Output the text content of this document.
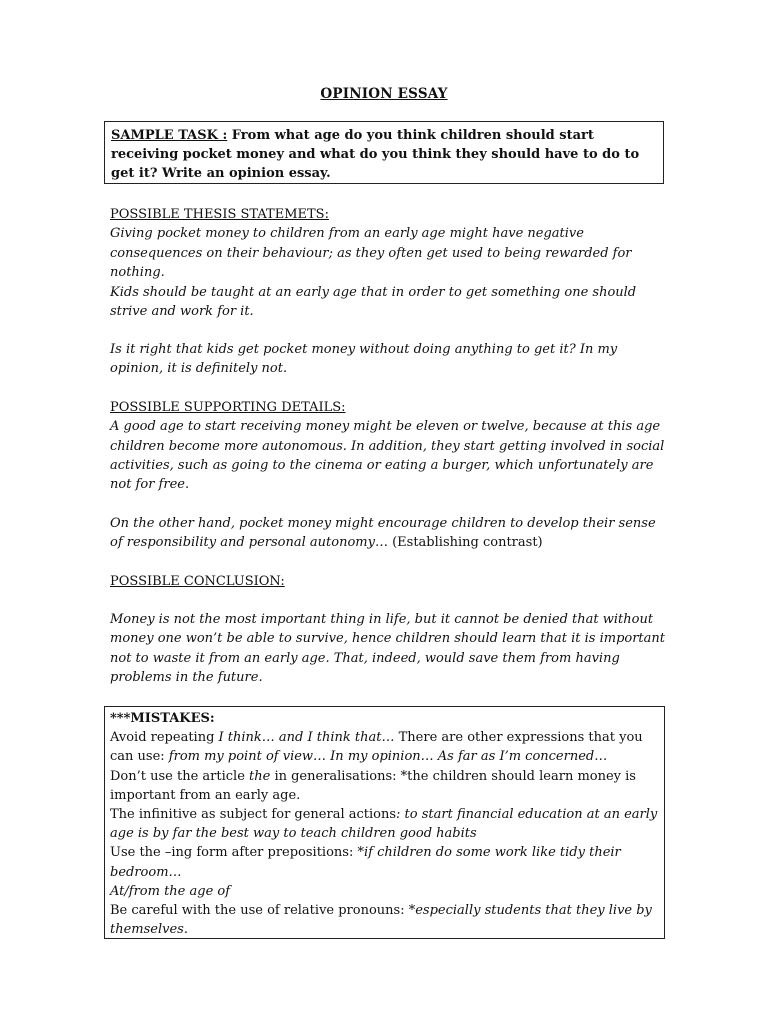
OPINION ESSAY
SAMPLE TASK : From what age do you think children should start receiving pocket money and what do you think they should have to do to get it? Write an opinion essay.

POSSIBLE THESIS STATEMETS:

Giving pocket money to children from an early age might have negative consequences on their behaviour; as they often get used to being rewarded for nothing.

Kids should be taught at an early age that in order to get something one should strive and work for it.

Is it right that kids get pocket money without doing anything to get it? In my opinion, it is definitely not.

POSSIBLE SUPPORTING DETAILS:

A good age to start receiving money might be eleven or twelve, because at this age children become more autonomous. In addition, they start getting involved in social activities, such as going to the cinema or eating a burger, which unfortunately are not for free.

On the other hand, pocket money might encourage children to develop their sense of responsibility and personal autonomy… (Establishing contrast)

POSSIBLE CONCLUSION:

Money is not the most important thing in life, but it cannot be denied that without money one won’t be able to survive, hence children should learn that it is important not to waste it from an early age. That, indeed, would save them from having problems in the future.

***MISTAKES:

Avoid repeating I think… and I think that… There are other expressions that you can use: from my point of view… In my opinion… As far as I’m concerned…

Don’t use the article the in generalisations: *the children should learn money is important from an early age.

The infinitive as subject for general actions: to start financial education at an early age is by far the best way to teach children good habits

Use the –ing form after prepositions: *if children do some work like tidy their bedroom…

At/from the age of

Be careful with the use of relative pronouns: *especially students that they live by themselves.
